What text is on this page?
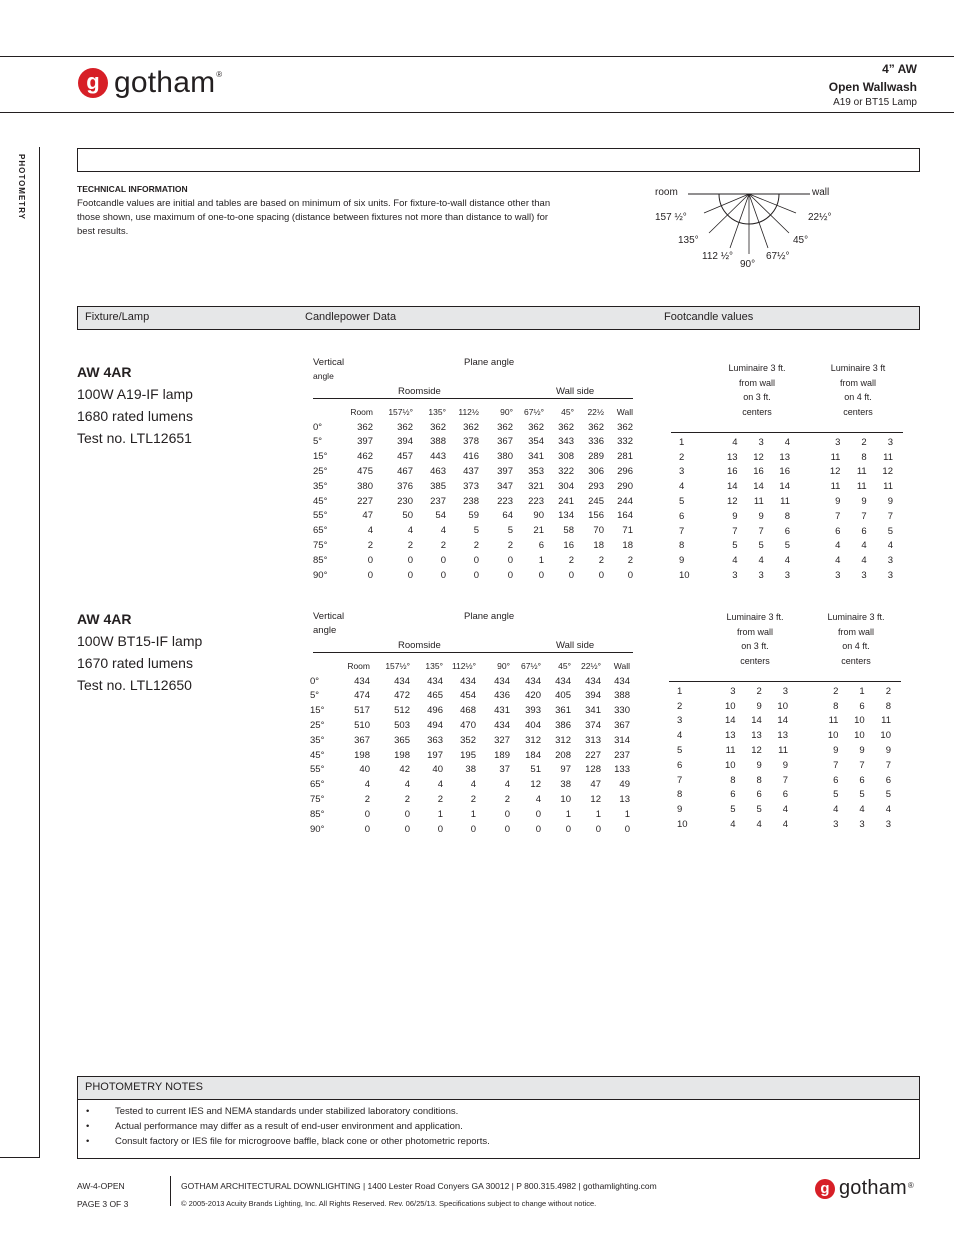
g gotham®	4” AW
Open Wallwash
A19 or BT15 Lamp
PHOTOMETRY	TECHNICAL INFORMATION
Footcandle values are initial and tables are based on minimum of six units. For fixture-to-wall distance other than those shown, use maximum of one-to-one spacing (distance between fixtures not more than distance to wall) for best results.
room	wall
157 ½°	22½°
135°	45°
112 ½°	67½°
90°
Fixture/Lamp	Candlepower Data	Footcandle values
AW 4AR
100W A19-IF lamp
1680 rated lumens
Test no. LTL12651
Vertical
angle
Plane angle
Roomside	Wall side
	Room	157½°	135°	112½	90°	67½°	45°	22½	Wall
0°	362	362	362	362	362	362	362	362	362
5°	397	394	388	378	367	354	343	336	332
15°	462	457	443	416	380	341	308	289	281
25°	475	467	463	437	397	353	322	306	296
35°	380	376	385	373	347	321	304	293	290
45°	227	230	237	238	223	223	241	245	244
55°	47	50	54	59	64	90	134	156	164
65°	4	4	4	5	5	21	58	70	71
75°	2	2	2	2	2	6	16	18	18
85°	0	0	0	0	0	1	2	2	2
90°	0	0	0	0	0	0	0	0	0
Luminaire 3 ft.
from wall
on 3 ft.
centers
Luminaire 3 ft
from wall
on 4 ft.
centers
1	4	3	4	3	2	3
2	13	12	13	11	8	11
3	16	16	16	12	11	12
4	14	14	14	11	11	11
5	12	11	11	9	9	9
6	9	9	8	7	7	7
7	7	7	6	6	6	5
8	5	5	5	4	4	4
9	4	4	4	4	4	3
10	3	3	3	3	3	3
AW 4AR
100W BT15-IF lamp
1670 rated lumens
Test no. LTL12650
Vertical
angle
Plane angle
Roomside	Wall side
	Room	157½°	135°	112½°	90°	67½°	45°	22½°	Wall
0°	434	434	434	434	434	434	434	434	434
5°	474	472	465	454	436	420	405	394	388
15°	517	512	496	468	431	393	361	341	330
25°	510	503	494	470	434	404	386	374	367
35°	367	365	363	352	327	312	312	313	314
45°	198	198	197	195	189	184	208	227	237
55°	40	42	40	38	37	51	97	128	133
65°	4	4	4	4	4	12	38	47	49
75°	2	2	2	2	2	4	10	12	13
85°	0	0	1	1	0	0	1	1	1
90°	0	0	0	0	0	0	0	0	0
Luminaire 3 ft.
from wall
on 3 ft.
centers
Luminaire 3 ft.
from wall
on 4 ft.
centers
1	3	2	3	2	1	2
2	10	9	10	8	6	8
3	14	14	14	11	10	11
4	13	13	13	10	10	10
5	11	12	11	9	9	9
6	10	9	9	7	7	7
7	8	8	7	6	6	6
8	6	6	6	5	5	5
9	5	5	4	4	4	4
10	4	4	4	3	3	3
PHOTOMETRY NOTES
• Tested to current IES and NEMA standards under stabilized laboratory conditions.
• Actual performance may differ as a result of end-user environment and application.
• Consult factory or IES file for microgroove baffle, black cone or other photometric reports.
AW-4-OPEN
PAGE 3 OF 3
GOTHAM ARCHITECTURAL DOWNLIGHTING | 1400 Lester Road Conyers GA 30012 | P 800.315.4982 | gothamlighting.com
© 2005-2013 Acuity Brands Lighting, Inc. All Rights Reserved. Rev. 06/25/13. Specifications subject to change without notice.
g gotham®
